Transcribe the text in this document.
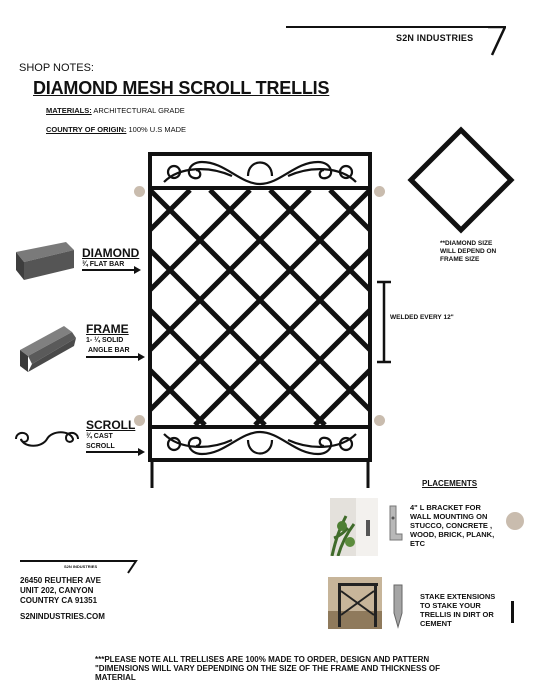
S2N INDUSTRIES
SHOP NOTES:
DIAMOND MESH SCROLL TRELLIS
MATERIALS: ARCHITECTURAL GRADE
COUNTRY OF ORIGIN: 100% U.S MADE
**DIAMOND SIZE
WILL DEPEND ON
FRAME SIZE
WELDED EVERY 12"
DIAMOND
¾ FLAT BAR
FRAME
1- ¼ SOLID
ANGLE BAR
SCROLL
¾ CAST
SCROLL
S2N INDUSTRIES
26450 REUTHER AVE
UNIT 202, CANYON
COUNTRY CA 91351
S2NINDUSTRIES.COM
PLACEMENTS
4" L BRACKET FOR
WALL MOUNTING ON
STUCCO, CONCRETE ,
WOOD, BRICK, PLANK,
ETC
STAKE EXTENSIONS
TO STAKE YOUR
TRELLIS IN DIRT OR
CEMENT
***PLEASE NOTE ALL TRELLISES ARE 100% MADE TO ORDER, DESIGN AND PATTERN
"DIMENSIONS WILL VARY DEPENDING ON THE SIZE OF THE FRAME AND THICKNESS OF
MATERIAL
